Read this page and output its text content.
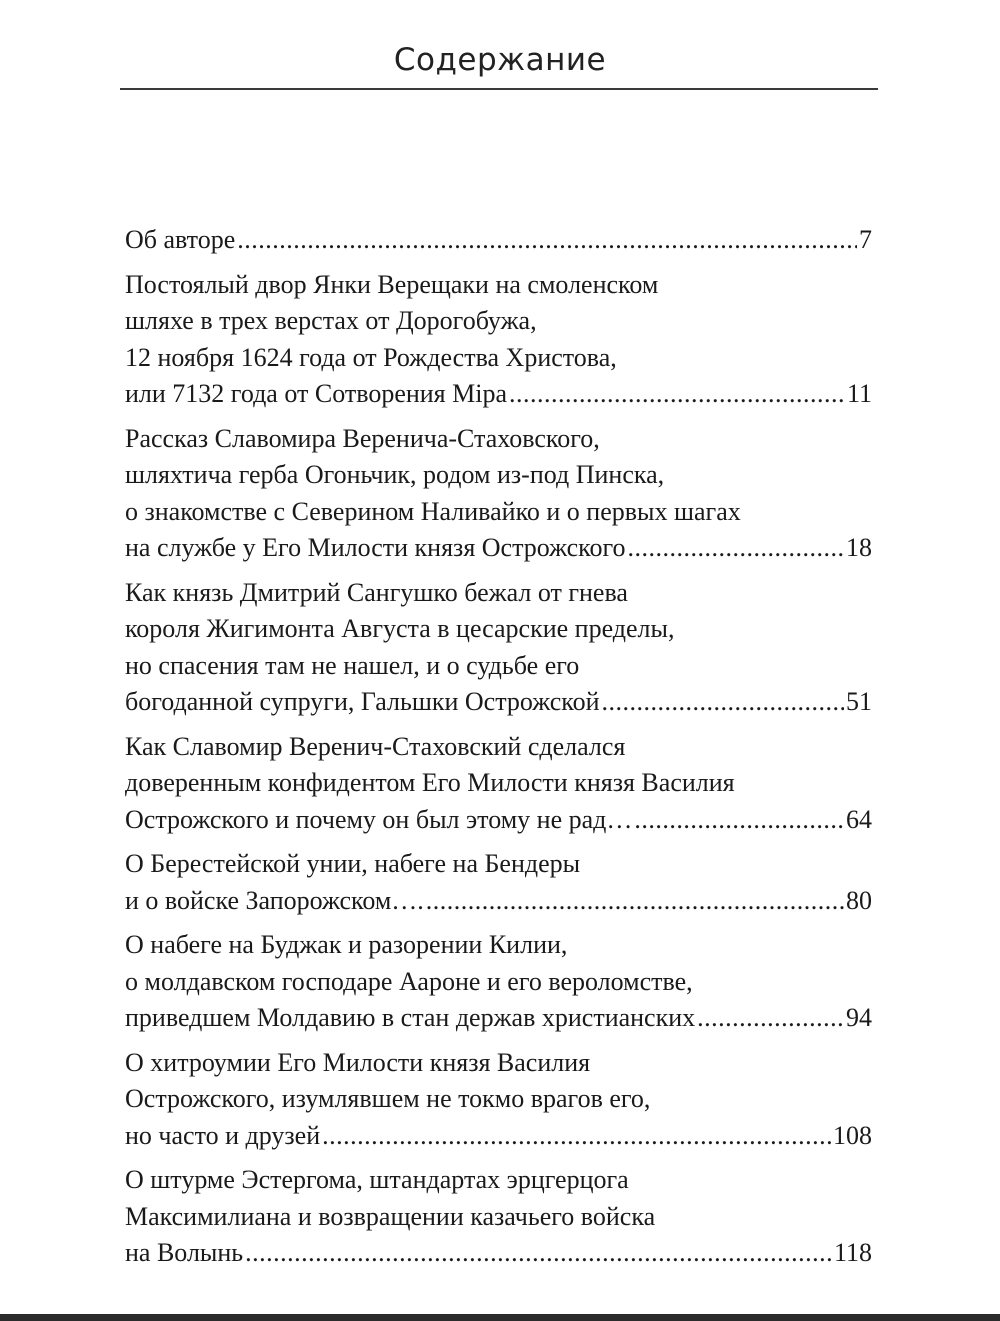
Содержание
Об авторе .....	7
Постоялый двор Янки Верещаки на смоленском
шляхе в трех верстах от Дорогобужа,
12 ноября 1624 года от Рождества Христова,
или 7132 года от Сотворения Міра .....	11
Рассказ Славомира Веренича-Стаховского,
шляхтича герба Огоньчик, родом из-под Пинска,
о знакомстве с Северином Наливайко и о первых шагах
на службе у Его Милости князя Острожского .....	18
Как князь Дмитрий Сангушко бежал от гнева
короля Жигимонта Августа в цесарские пределы,
но спасения там не нашел, и о судьбе его
богоданной супруги, Гальшки Острожской .....	51
Как Славомир Веренич-Стаховский сделался
доверенным конфидентом Его Милости князя Василия
Острожского и почему он был этому не рад… .....	64
О Берестейской унии, набеге на Бендеры
и о войске Запорожском…. .....	80
О набеге на Буджак и разорении Килии,
о молдавском господаре Аароне и его вероломстве,
приведшем Молдавию в стан держав христианских .....	94
О хитроумии Его Милости князя Василия
Острожского, изумлявшем не токмо врагов его,
но часто и друзей .....	108
О штурме Эстергома, штандартах эрцгерцога
Максимилиана и возвращении казачьего войска
на Волынь .....	118
